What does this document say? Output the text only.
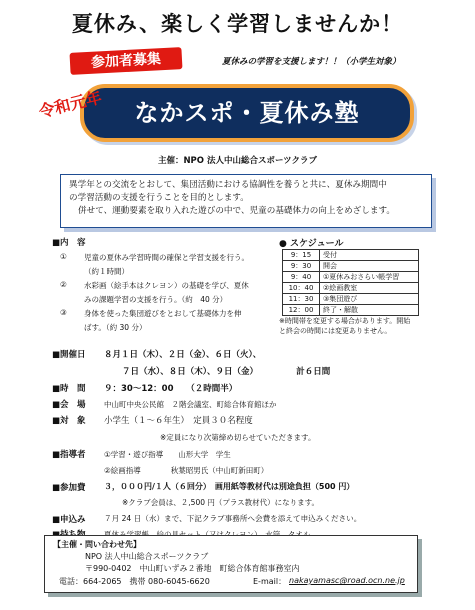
夏休み、楽しく学習しませんか！
参加者募集	夏休みの学習を支援します！！（小学生対象）
なかスポ・夏休み塾
令和元年
主催：NPO 法人中山総合スポーツクラブ
異学年との交流をとおして、集団活動における協調性を養うと共に、夏休み期間中
の学習活動の支援を行うことを目的とします。
併せて、運動要素を取り入れた遊びの中で、児童の基礎体力の向上をめざします。
■内　容
① 児童の夏休み学習時間の確保と学習支援を行う。
（約１時間）
② 水彩画（絵手本はクレヨン）の基礎を学び、夏休
みの課題学習の支援を行う。（約　40 分）
③ 身体を使った集団遊びをとおして基礎体力を伸
ばす。（約 30 分）
● スケジュール
9：15	受付
9：30	開会
9：40	①夏休みおさらい帳学習
10：40	②絵画教室
11：30	③集団遊び
12：00	終了・解散
※時間帯を変更する場合があります。開始
と終会の時間には変更ありません。
■開催日 ８月１日（木）、２日（金）、６日（火）、
７日（水）、８日（木）、９日（金）　　　　　計６日間
■時　間 ９：30～12：00　　（２時間半）
■会　場 中山町中央公民館　２階会議室、町総合体育館ほか
■対　象 小学生（１～６年生）　定員３０名程度
※定員になり次第締め切らせていただきます。
■指導者 ①学習・遊び指導　　山形大学　学生
②絵画指導　　　　秋葉昭男氏（中山町新田町）
■参加費 ３，０００円/１人（６回分）　画用紙等教材代は別途負担（500 円）
※クラブ会員は、２,500 円（プラス教材代）になります。
■申込み ７月 24 日（水）まで、下記クラブ事務所へ会費を添えて申込みください。
【主催・問い合わせ先】
NPO 法人中山総合スポーツクラブ
〒990-0402　中山町いずみ２番地　町総合体育館事務室内
電話：664-2065　携帯 080-6045-6620	E-mail： nakayamasc@road.ocn.ne.jp
